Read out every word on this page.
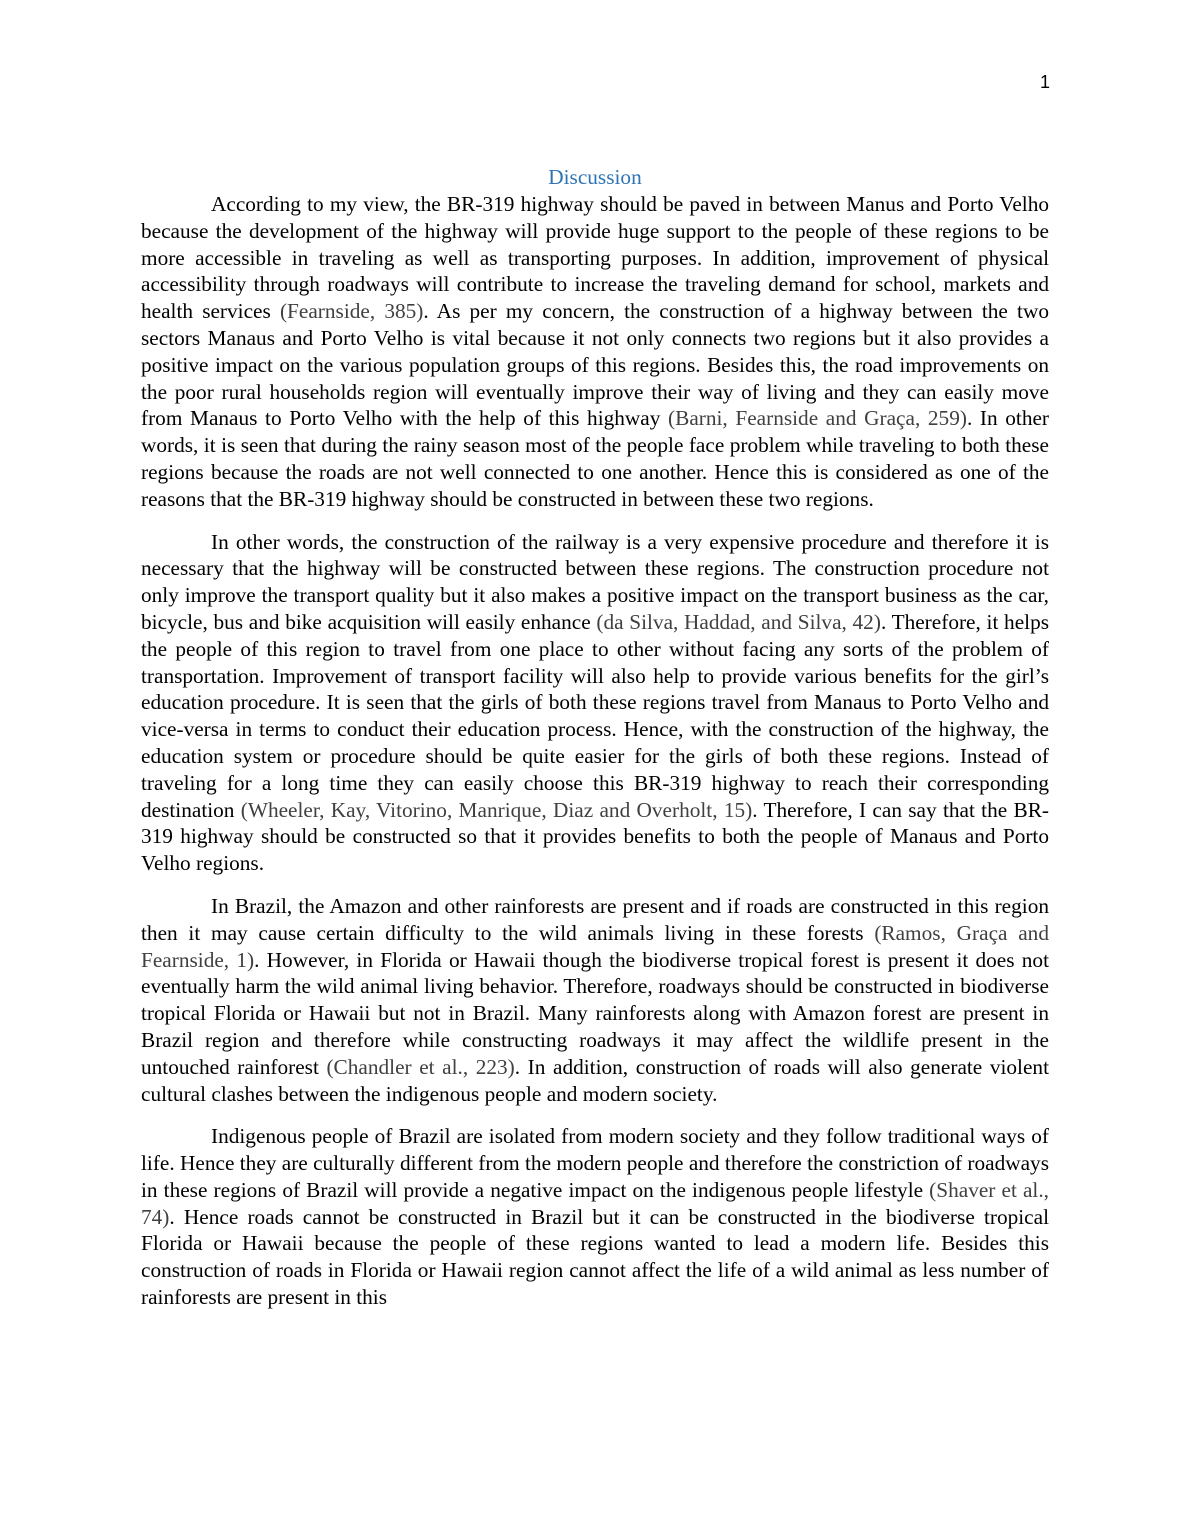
1
Discussion

According to my view, the BR-319 highway should be paved in between Manus and Porto Velho because the development of the highway will provide huge support to the people of these regions to be more accessible in traveling as well as transporting purposes. In addition, improvement of physical accessibility through roadways will contribute to increase the traveling demand for school, markets and health services (Fearnside, 385). As per my concern, the construction of a highway between the two sectors Manaus and Porto Velho is vital because it not only connects two regions but it also provides a positive impact on the various population groups of this regions. Besides this, the road improvements on the poor rural households region will eventually improve their way of living and they can easily move from Manaus to Porto Velho with the help of this highway (Barni, Fearnside and Graça, 259). In other words, it is seen that during the rainy season most of the people face problem while traveling to both these regions because the roads are not well connected to one another. Hence this is considered as one of the reasons that the BR-319 highway should be constructed in between these two regions.

In other words, the construction of the railway is a very expensive procedure and therefore it is necessary that the highway will be constructed between these regions. The construction procedure not only improve the transport quality but it also makes a positive impact on the transport business as the car, bicycle, bus and bike acquisition will easily enhance (da Silva, Haddad, and Silva, 42). Therefore, it helps the people of this region to travel from one place to other without facing any sorts of the problem of transportation. Improvement of transport facility will also help to provide various benefits for the girl’s education procedure. It is seen that the girls of both these regions travel from Manaus to Porto Velho and vice-versa in terms to conduct their education process. Hence, with the construction of the highway, the education system or procedure should be quite easier for the girls of both these regions. Instead of traveling for a long time they can easily choose this BR-319 highway to reach their corresponding destination (Wheeler, Kay, Vitorino, Manrique, Diaz and Overholt, 15). Therefore, I can say that the BR-319 highway should be constructed so that it provides benefits to both the people of Manaus and Porto Velho regions.

In Brazil, the Amazon and other rainforests are present and if roads are constructed in this region then it may cause certain difficulty to the wild animals living in these forests (Ramos, Graça and Fearnside, 1). However, in Florida or Hawaii though the biodiverse tropical forest is present it does not eventually harm the wild animal living behavior. Therefore, roadways should be constructed in biodiverse tropical Florida or Hawaii but not in Brazil. Many rainforests along with Amazon forest are present in Brazil region and therefore while constructing roadways it may affect the wildlife present in the untouched rainforest (Chandler et al., 223). In addition, construction of roads will also generate violent cultural clashes between the indigenous people and modern society.

Indigenous people of Brazil are isolated from modern society and they follow traditional ways of life. Hence they are culturally different from the modern people and therefore the constriction of roadways in these regions of Brazil will provide a negative impact on the indigenous people lifestyle (Shaver et al., 74). Hence roads cannot be constructed in Brazil but it can be constructed in the biodiverse tropical Florida or Hawaii because the people of these regions wanted to lead a modern life. Besides this construction of roads in Florida or Hawaii region cannot affect the life of a wild animal as less number of rainforests are present in this
